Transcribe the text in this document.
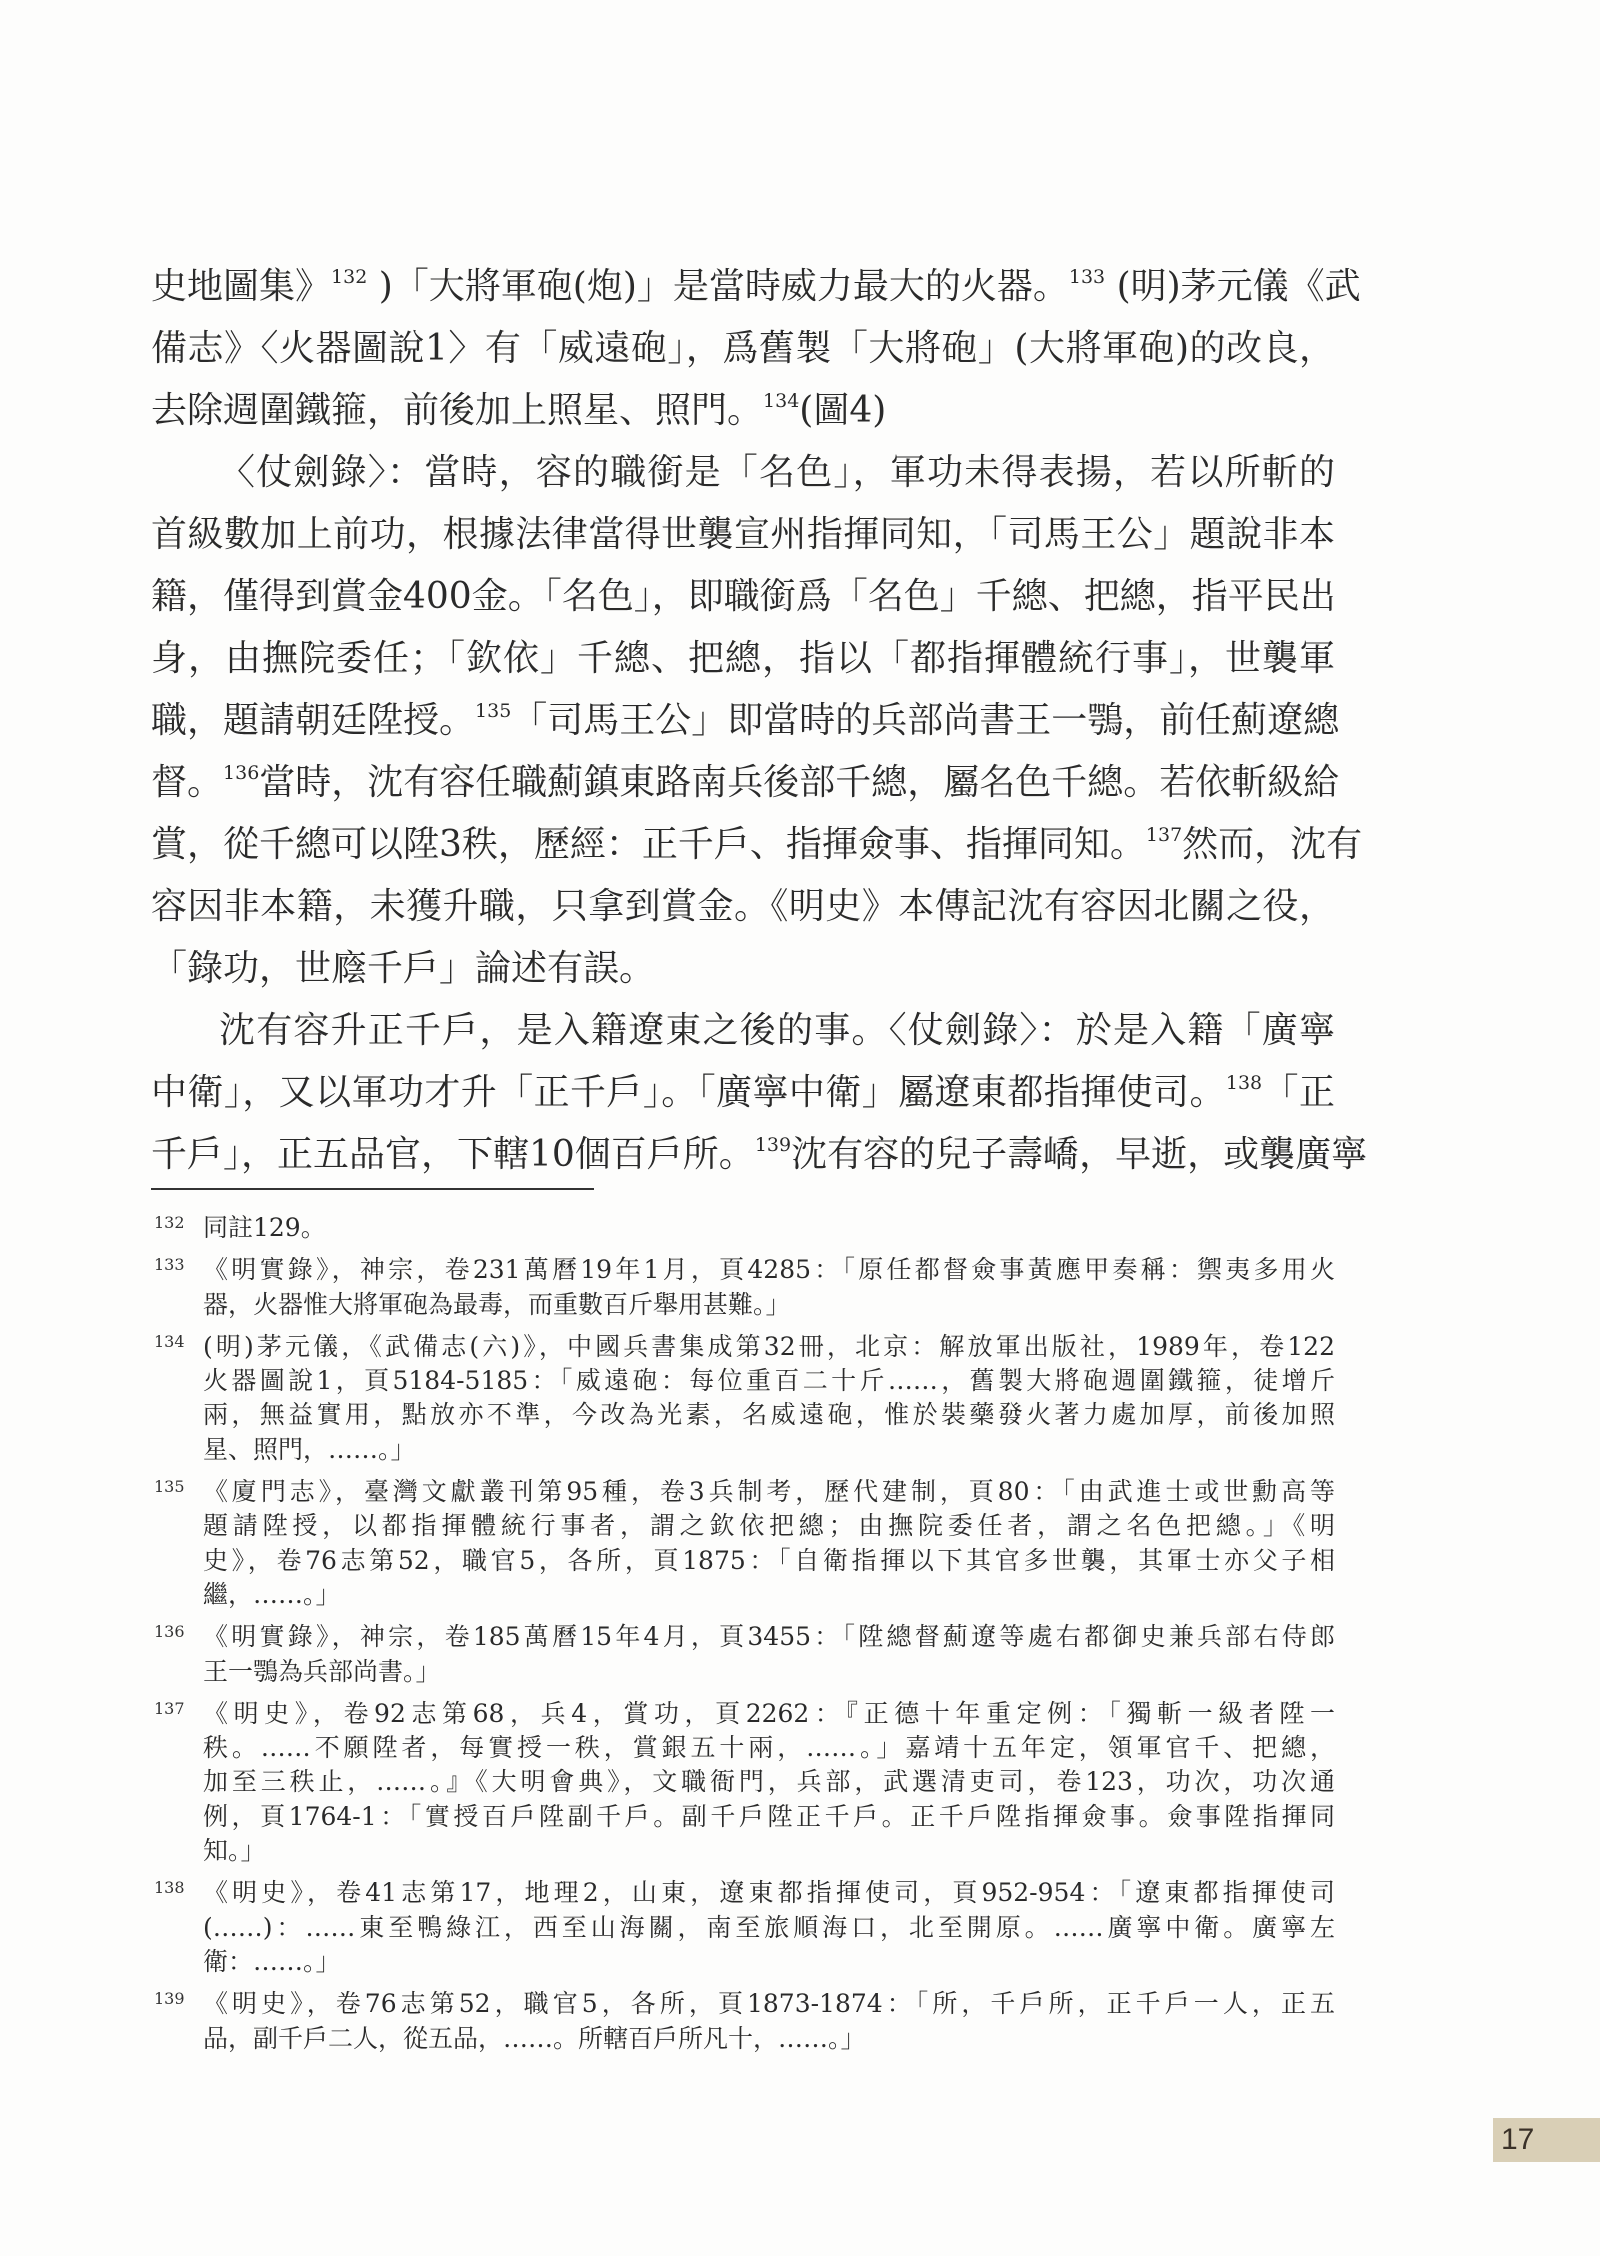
史地圖集》$^{132}$ )「大將軍砲(炮)」是當時威力最大的火器。$^{133}$ (明)茅元儀《武
備志》〈火器圖說1〉有「威遠砲」，爲舊製「大將砲」(大將軍砲)的改良，
去除週圍鐵箍，前後加上照星、照門。$^{134}$(圖4)
〈仗劍錄〉：當時，容的職銜是「名色」，軍功未得表揚，若以所斬的
首級數加上前功，根據法律當得世襲宣州指揮同知，「司馬王公」題說非本
籍，僅得到賞金400金。「名色」，即職銜爲「名色」千總、把總，指平民出
身，由撫院委任；「欽依」千總、把總，指以「都指揮體統行事」，世襲軍
職，題請朝廷陞授。$^{135}$「司馬王公」即當時的兵部尚書王一鶚，前任薊遼總
督。$^{136}$當時，沈有容任職薊鎮東路南兵後部千總，屬名色千總。若依斬級給
賞，從千總可以陞3秩，歷經：正千戶、指揮僉事、指揮同知。$^{137}$然而，沈有
容因非本籍，未獲升職，只拿到賞金。《明史》本傳記沈有容因北關之役，
「錄功，世廕千戶」論述有誤。
沈有容升正千戶，是入籍遼東之後的事。〈仗劍錄〉：於是入籍「廣寧
中衛」，又以軍功才升「正千戶」。「廣寧中衛」屬遼東都指揮使司。$^{138}$「正
千戶」，正五品官，下轄10個百戶所。$^{139}$沈有容的兒子壽嶠，早逝，或襲廣寧
132 同註129。
133 《明實錄》，神宗，卷231萬曆19年1月，頁4285：「原任都督僉事黃應甲奏稱：禦夷多用火
器，火器惟大將軍砲為最毒，而重數百斤舉用甚難。」
134 (明)茅元儀，《武備志(六)》，中國兵書集成第32冊，北京：解放軍出版社，1989年，卷122
火器圖說1，頁5184-5185：「威遠砲：每位重百二十斤……，舊製大將砲週圍鐵箍，徒增斤
兩，無益實用，點放亦不準，今改為光素，名威遠砲，惟於裝藥發火著力處加厚，前後加照
星、照門，……。」
135 《廈門志》，臺灣文獻叢刊第95種，卷3兵制考，歷代建制，頁80：「由武進士或世勳高等
題請陞授，以都指揮體統行事者，謂之欽依把總；由撫院委任者，謂之名色把總。」《明
史》，卷76志第52，職官5，各所，頁1875：「自衛指揮以下其官多世襲，其軍士亦父子相
繼，……。」
136 《明實錄》，神宗，卷185萬曆15年4月，頁3455：「陞總督薊遼等處右都御史兼兵部右侍郎
王一鶚為兵部尚書。」
137 《明史》，卷92志第68，兵4，賞功，頁2262：『正德十年重定例：「獨斬一級者陞一
秩。……不願陞者，每實授一秩，賞銀五十兩，……。」嘉靖十五年定，領軍官千、把總，
加至三秩止，……。』《大明會典》，文職衙門，兵部，武選清吏司，卷123，功次，功次通
例，頁1764-1：「實授百戶陞副千戶。副千戶陞正千戶。正千戶陞指揮僉事。僉事陞指揮同
知。」
138 《明史》，卷41志第17，地理2，山東，遼東都指揮使司，頁952-954：「遼東都指揮使司
(……)：……東至鴨綠江，西至山海關，南至旅順海口，北至開原。……廣寧中衛。廣寧左
衛：……。」
139 《明史》，卷76志第52，職官5，各所，頁1873-1874：「所，千戶所，正千戶一人，正五
品，副千戶二人，從五品，……。所轄百戶所凡十，……。」
17
